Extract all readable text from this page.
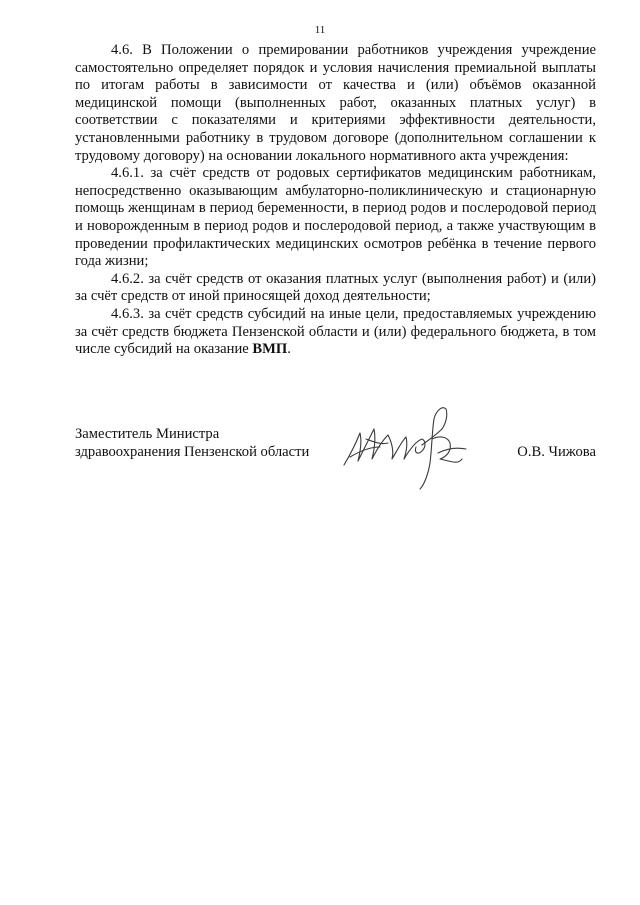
11

4.6. В Положении о премировании работников учреждения учреждение самостоятельно определяет порядок и условия начисления премиальной выплаты по итогам работы в зависимости от качества и (или) объёмов оказанной медицинской помощи (выполненных работ, оказанных платных услуг) в соответствии с показателями и критериями эффективности деятельности, установленными работнику в трудовом договоре (дополнительном соглашении к трудовому договору) на основании локального нормативного акта учреждения:

4.6.1. за счёт средств от родовых сертификатов медицинским работникам, непосредственно оказывающим амбулаторно-поликлиническую и стационарную помощь женщинам в период беременности, в период родов и послеродовой период и новорожденным в период родов и послеродовой период, а также участвующим в проведении профилактических медицинских осмотров ребёнка в течение первого года жизни;

4.6.2. за счёт средств от оказания платных услуг (выполнения работ) и (или) за счёт средств от иной приносящей доход деятельности;

4.6.3. за счёт средств субсидий на иные цели, предоставляемых учреждению за счёт средств бюджета Пензенской области и (или) федерального бюджета, в том числе субсидий на оказание ВМП.

Заместитель Министра
здравоохранения Пензенской области	О.В. Чижова
